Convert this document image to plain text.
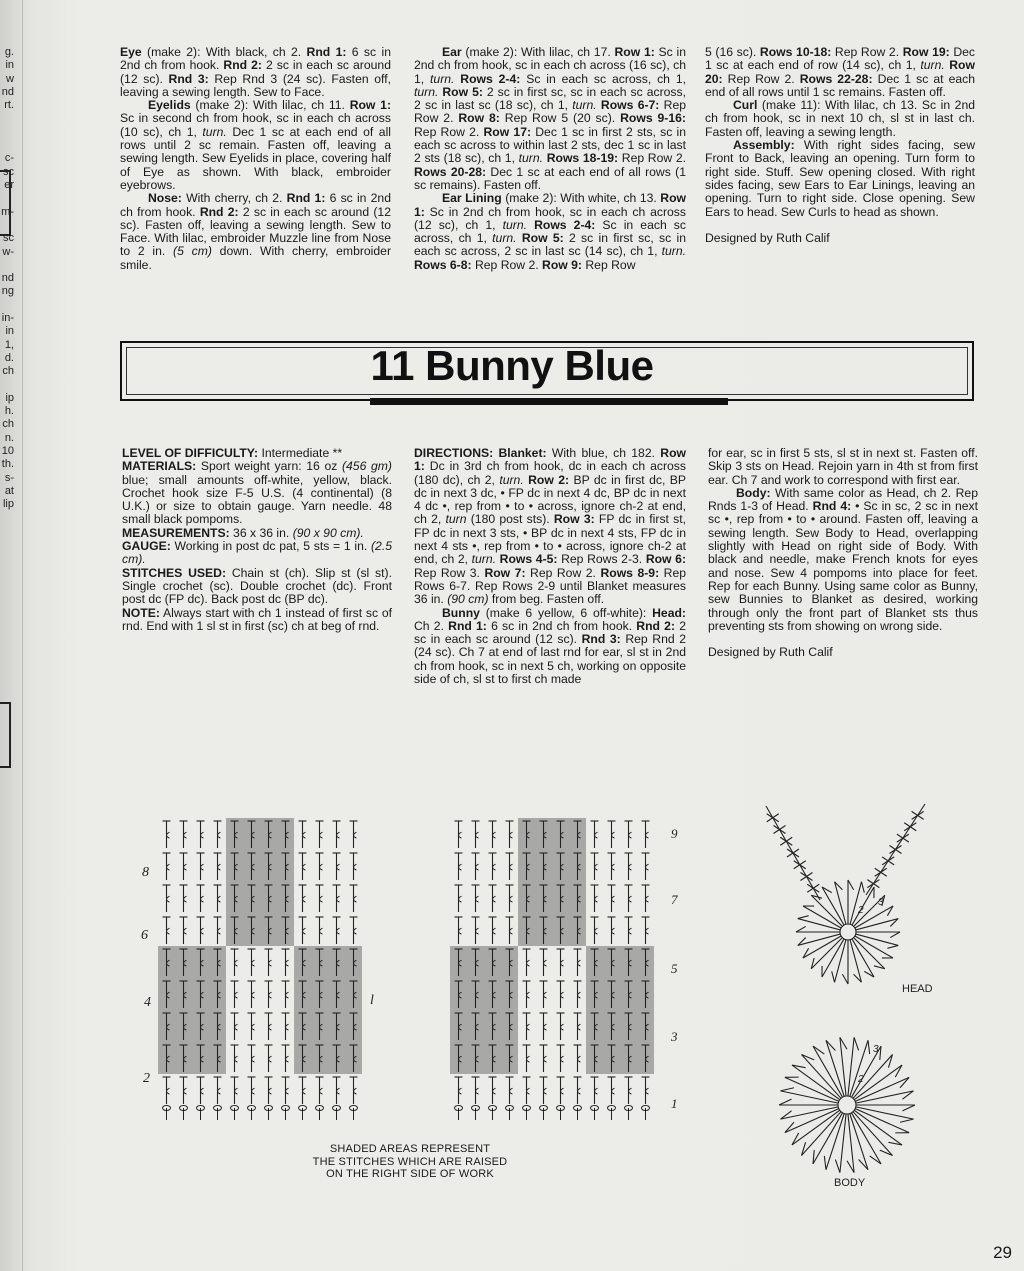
g.
in
w
nd
rt.
c-
sc
er
m-
sc
w-
nd
ng
in-
in
1,
d.
ch
ip
h.
ch
n.
10
th.
s-
at
lip

Eye (make 2): With black, ch 2. Rnd 1: 6 sc in 2nd ch from hook. Rnd 2: 2 sc in each sc around (12 sc). Rnd 3: Rep Rnd 3 (24 sc). Fasten off, leaving a sewing length. Sew to Face.

Eyelids (make 2): With lilac, ch 11. Row 1: Sc in second ch from hook, sc in each ch across (10 sc), ch 1, turn. Dec 1 sc at each end of all rows until 2 sc remain. Fasten off, leaving a sewing length. Sew Eyelids in place, covering half of Eye as shown. With black, embroider eyebrows.

Nose: With cherry, ch 2. Rnd 1: 6 sc in 2nd ch from hook. Rnd 2: 2 sc in each sc around (12 sc). Fasten off, leaving a sewing length. Sew to Face. With lilac, embroider Muzzle line from Nose to 2 in. (5 cm) down. With cherry, embroider smile.

Ear (make 2): With lilac, ch 17. Row 1: Sc in 2nd ch from hook, sc in each ch across (16 sc), ch 1, turn. Rows 2-4: Sc in each sc across, ch 1, turn. Row 5: 2 sc in first sc, sc in each sc across, 2 sc in last sc (18 sc), ch 1, turn. Rows 6-7: Rep Row 2. Row 8: Rep Row 5 (20 sc). Rows 9-16: Rep Row 2. Row 17: Dec 1 sc in first 2 sts, sc in each sc across to within last 2 sts, dec 1 sc in last 2 sts (18 sc), ch 1, turn. Rows 18-19: Rep Row 2. Rows 20-28: Dec 1 sc at each end of all rows (1 sc remains). Fasten off.

Ear Lining (make 2): With white, ch 13. Row 1: Sc in 2nd ch from hook, sc in each ch across (12 sc), ch 1, turn. Rows 2-4: Sc in each sc across, ch 1, turn. Row 5: 2 sc in first sc, sc in each sc across, 2 sc in last sc (14 sc), ch 1, turn. Rows 6-8: Rep Row 2. Row 9: Rep Row

5 (16 sc). Rows 10-18: Rep Row 2. Row 19: Dec 1 sc at each end of row (14 sc), ch 1, turn. Row 20: Rep Row 2. Rows 22-28: Dec 1 sc at each end of all rows until 1 sc remains. Fasten off.

Curl (make 11): With lilac, ch 13. Sc in 2nd ch from hook, sc in next 10 ch, sl st in last ch. Fasten off, leaving a sewing length.

Assembly: With right sides facing, sew Front to Back, leaving an opening. Turn form to right side. Stuff. Sew opening closed. With right sides facing, sew Ears to Ear Linings, leaving an opening. Turn to right side. Close opening. Sew Ears to head. Sew Curls to head as shown.

Designed by Ruth Calif

11 Bunny Blue

LEVEL OF DIFFICULTY: Intermediate **

MATERIALS: Sport weight yarn: 16 oz (456 gm) blue; small amounts off-white, yellow, black. Crochet hook size F-5 U.S. (4 continental) (8 U.K.) or size to obtain gauge. Yarn needle. 48 small black pompoms.

MEASUREMENTS: 36 x 36 in. (90 x 90 cm).

GAUGE: Working in post dc pat, 5 sts = 1 in. (2.5 cm).

STITCHES USED: Chain st (ch). Slip st (sl st). Single crochet (sc). Double crochet (dc). Front post dc (FP dc). Back post dc (BP dc).

NOTE: Always start with ch 1 instead of first sc of rnd. End with 1 sl st in first (sc) ch at beg of rnd.

DIRECTIONS: Blanket: With blue, ch 182. Row 1: Dc in 3rd ch from hook, dc in each ch across (180 dc), ch 2, turn. Row 2: BP dc in first dc, BP dc in next 3 dc, • FP dc in next 4 dc, BP dc in next 4 dc •, rep from • to • across, ignore ch-2 at end, ch 2, turn (180 post sts). Row 3: FP dc in first st, FP dc in next 3 sts, • BP dc in next 4 sts, FP dc in next 4 sts •, rep from • to • across, ignore ch-2 at end, ch 2, turn. Rows 4-5: Rep Rows 2-3. Row 6: Rep Row 3. Row 7: Rep Row 2. Rows 8-9: Rep Rows 6-7. Rep Rows 2-9 until Blanket measures 36 in. (90 cm) from beg. Fasten off.

Bunny (make 6 yellow, 6 off-white): Head: Ch 2. Rnd 1: 6 sc in 2nd ch from hook. Rnd 2: 2 sc in each sc around (12 sc). Rnd 3: Rep Rnd 2 (24 sc). Ch 7 at end of last rnd for ear, sl st in 2nd ch from hook, sc in next 5 ch, working on opposite side of ch, sl st to first ch made

for ear, sc in first 5 sts, sl st in next st. Fasten off. Skip 3 sts on Head. Rejoin yarn in 4th st from first ear. Ch 7 and work to correspond with first ear.

Body: With same color as Head, ch 2. Rep Rnds 1-3 of Head. Rnd 4: • Sc in sc, 2 sc in next sc •, rep from • to • around. Fasten off, leaving a sewing length. Sew Body to Head, overlapping slightly with Head on right side of Body. With black and needle, make French knots for eyes and nose. Sew 4 pompoms into place for feet. Rep for each Bunny. Using same color as Bunny, sew Bunnies to Blanket as desired, working through only the front part of Blanket sts thus preventing sts from showing on wrong side.

Designed by Ruth Calif

8
6
4
2
l
9
7
5
3
1
HEAD
BODY
2
3
3
2
SHADED AREAS REPRESENT
THE STITCHES WHICH ARE RAISED
ON THE RIGHT SIDE OF WORK
29
